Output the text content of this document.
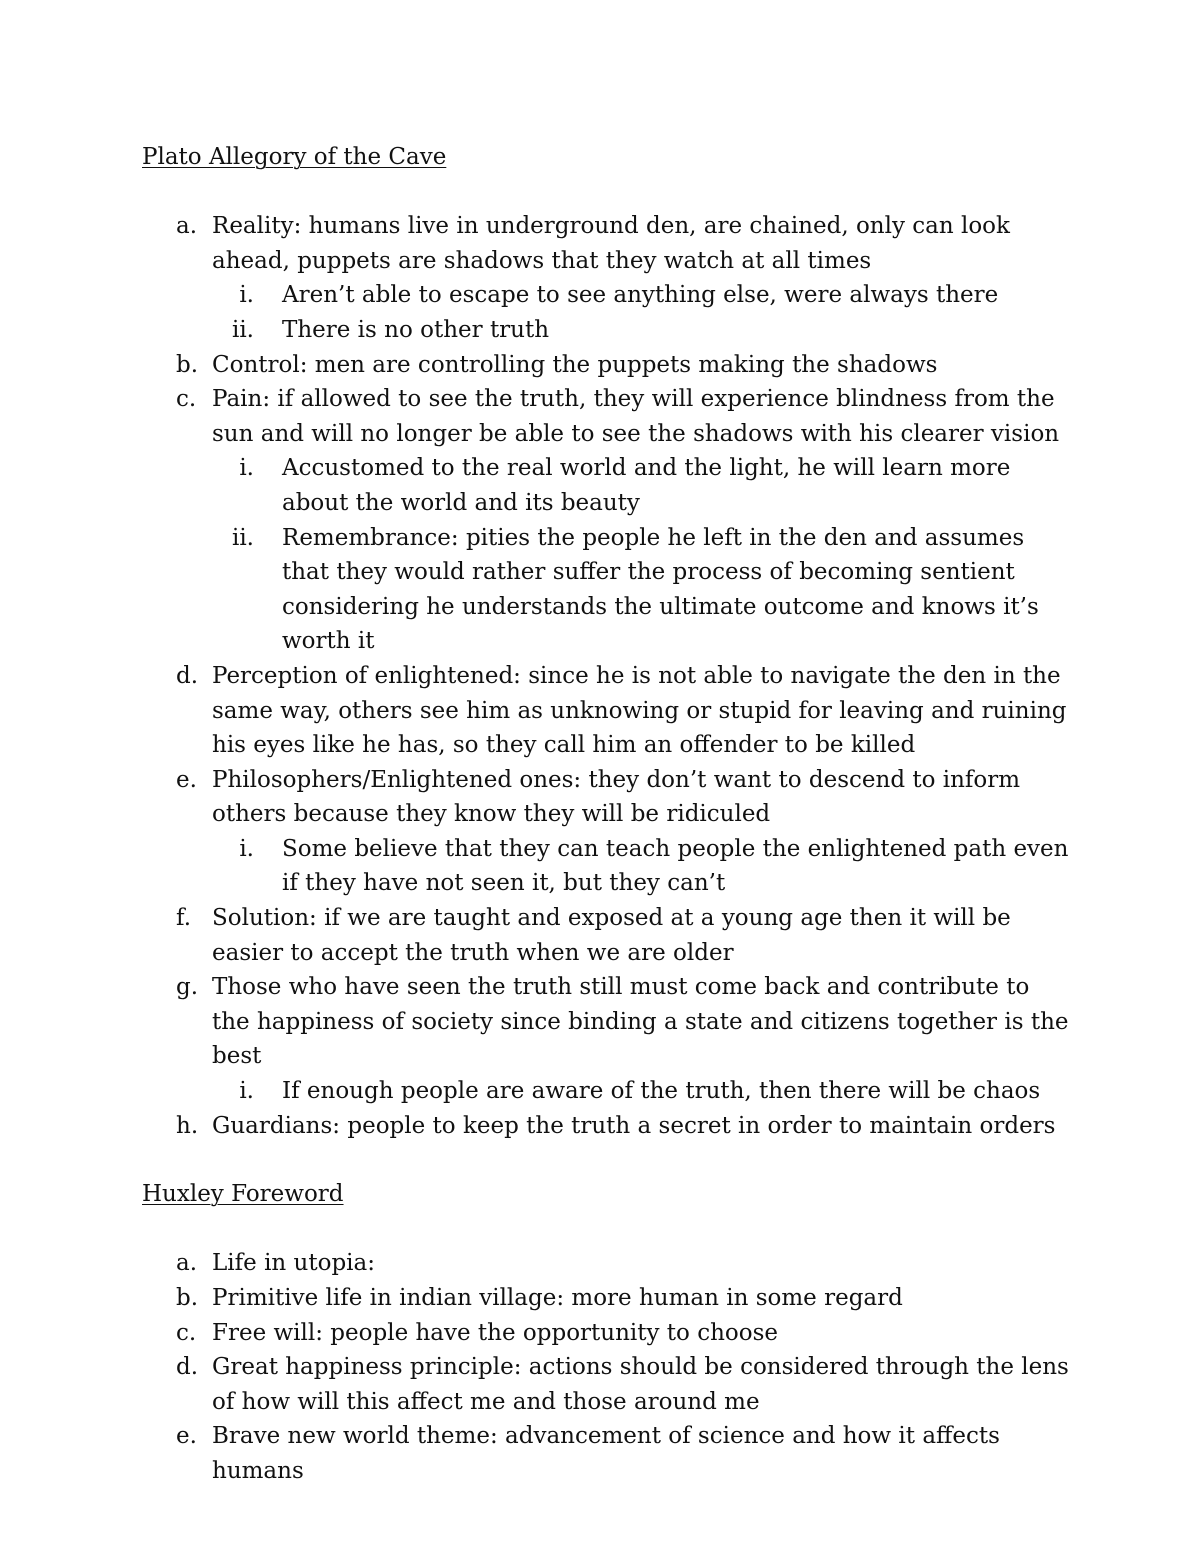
Plato Allegory of the Cave
a. Reality: humans live in underground den, are chained, only can look ahead, puppets are shadows that they watch at all times
i.	Aren’t able to escape to see anything else, were always there
ii.	There is no other truth
b. Control: men are controlling the puppets making the shadows
c. Pain: if allowed to see the truth, they will experience blindness from the sun and will no longer be able to see the shadows with his clearer vision
i.	Accustomed to the real world and the light, he will learn more about the world and its beauty
ii.	Remembrance: pities the people he left in the den and assumes that they would rather suffer the process of becoming sentient considering he understands the ultimate outcome and knows it’s worth it
d. Perception of enlightened: since he is not able to navigate the den in the same way, others see him as unknowing or stupid for leaving and ruining his eyes like he has, so they call him an offender to be killed
e. Philosophers/Enlightened ones: they don’t want to descend to inform others because they know they will be ridiculed
i.	Some believe that they can teach people the enlightened path even if they have not seen it, but they can’t
f. Solution: if we are taught and exposed at a young age then it will be easier to accept the truth when we are older
g. Those who have seen the truth still must come back and contribute to the happiness of society since binding a state and citizens together is the best
i.	If enough people are aware of the truth, then there will be chaos
h. Guardians: people to keep the truth a secret in order to maintain orders
Huxley Foreword
a. Life in utopia:
b. Primitive life in indian village: more human in some regard
c. Free will: people have the opportunity to choose
d. Great happiness principle: actions should be considered through the lens of how will this affect me and those around me
e. Brave new world theme: advancement of science and how it affects humans
